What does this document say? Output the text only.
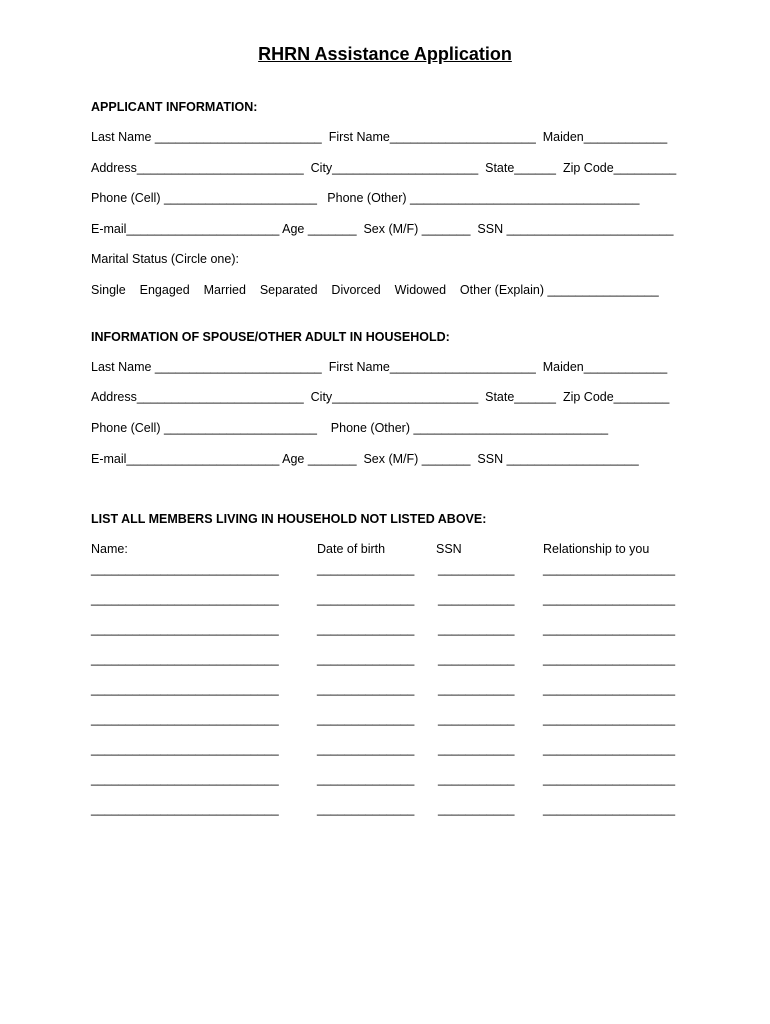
RHRN Assistance Application
APPLICANT INFORMATION:
Last Name ________________________  First Name_____________________  Maiden____________
Address________________________  City_____________________  State______  Zip Code_________
Phone (Cell) ______________________   Phone (Other) _________________________________
E-mail______________________ Age _______  Sex (M/F) _______  SSN ________________________
Marital Status (Circle one):
Single    Engaged    Married    Separated    Divorced    Widowed    Other (Explain) ________________
INFORMATION OF SPOUSE/OTHER ADULT IN HOUSEHOLD:
Last Name ________________________  First Name_____________________  Maiden____________
Address________________________  City_____________________  State______  Zip Code________
Phone (Cell) ______________________    Phone (Other) ____________________________
E-mail______________________ Age _______  Sex (M/F) _______  SSN ___________________
LIST ALL MEMBERS LIVING IN HOUSEHOLD NOT LISTED ABOVE:
Name:	Date of birth	SSN	Relationship to you
___________________________	______________ ___________ ___________________
___________________________	______________ ___________ ___________________
___________________________	______________ ___________ ___________________
___________________________	______________ ___________ ___________________
___________________________	______________ ___________ ___________________
___________________________	______________ ___________ ___________________
___________________________	______________ ___________ ___________________
___________________________	______________ ___________ ___________________
___________________________	______________ ___________ ___________________
